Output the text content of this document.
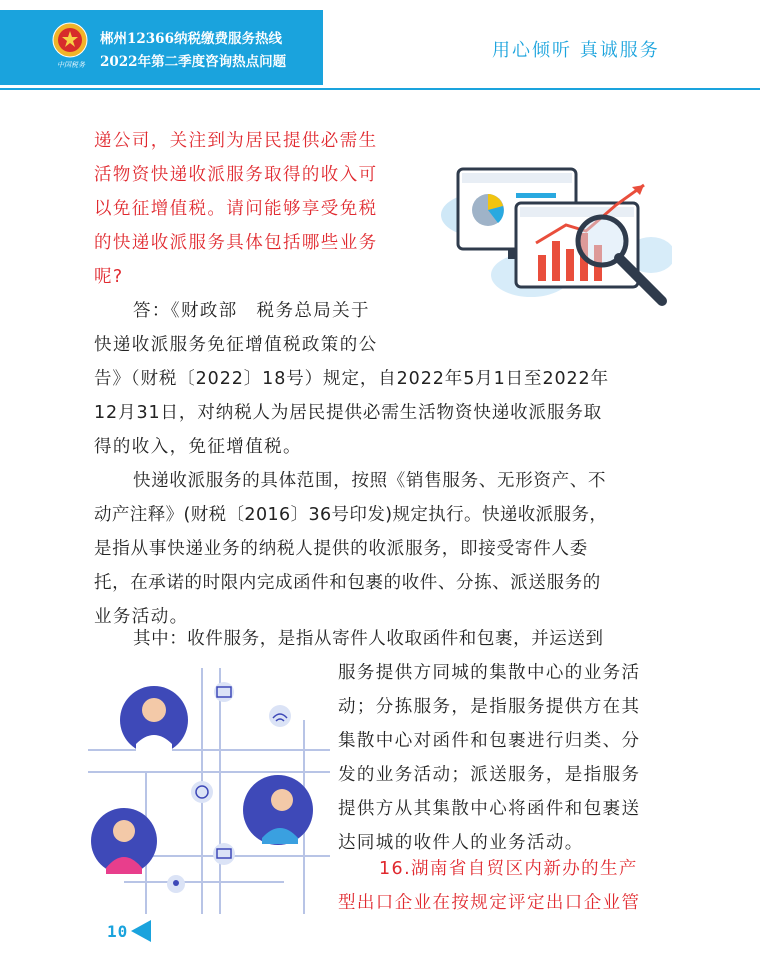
中国税务
郴州12366纳税缴费服务热线
2022年第二季度咨询热点问题
用心倾听 真诚服务
递公司，关注到为居民提供必需生
活物资快递收派服务取得的收入可
以免征增值税。请问能够享受免税
的快递收派服务具体包括哪些业务
呢?
答：《财政部　税务总局关于
快递收派服务免征增值税政策的公
告》（财税〔2022〕18号）规定，自2022年5月1日至2022年
12月31日，对纳税人为居民提供必需生活物资快递收派服务取
得的收入，免征增值税。
快递收派服务的具体范围，按照《销售服务、无形资产、不
动产注释》(财税〔2016〕36号印发)规定执行。快递收派服务，
是指从事快递业务的纳税人提供的收派服务，即接受寄件人委
托，在承诺的时限内完成函件和包裹的收件、分拣、派送服务的
业务活动。
其中：收件服务，是指从寄件人收取函件和包裹，并运送到
服务提供方同城的集散中心的业务活
动；分拣服务，是指服务提供方在其
集散中心对函件和包裹进行归类、分
发的业务活动；派送服务，是指服务
提供方从其集散中心将函件和包裹送
达同城的收件人的业务活动。
16.湖南省自贸区内新办的生产
型出口企业在按规定评定出口企业管
10
